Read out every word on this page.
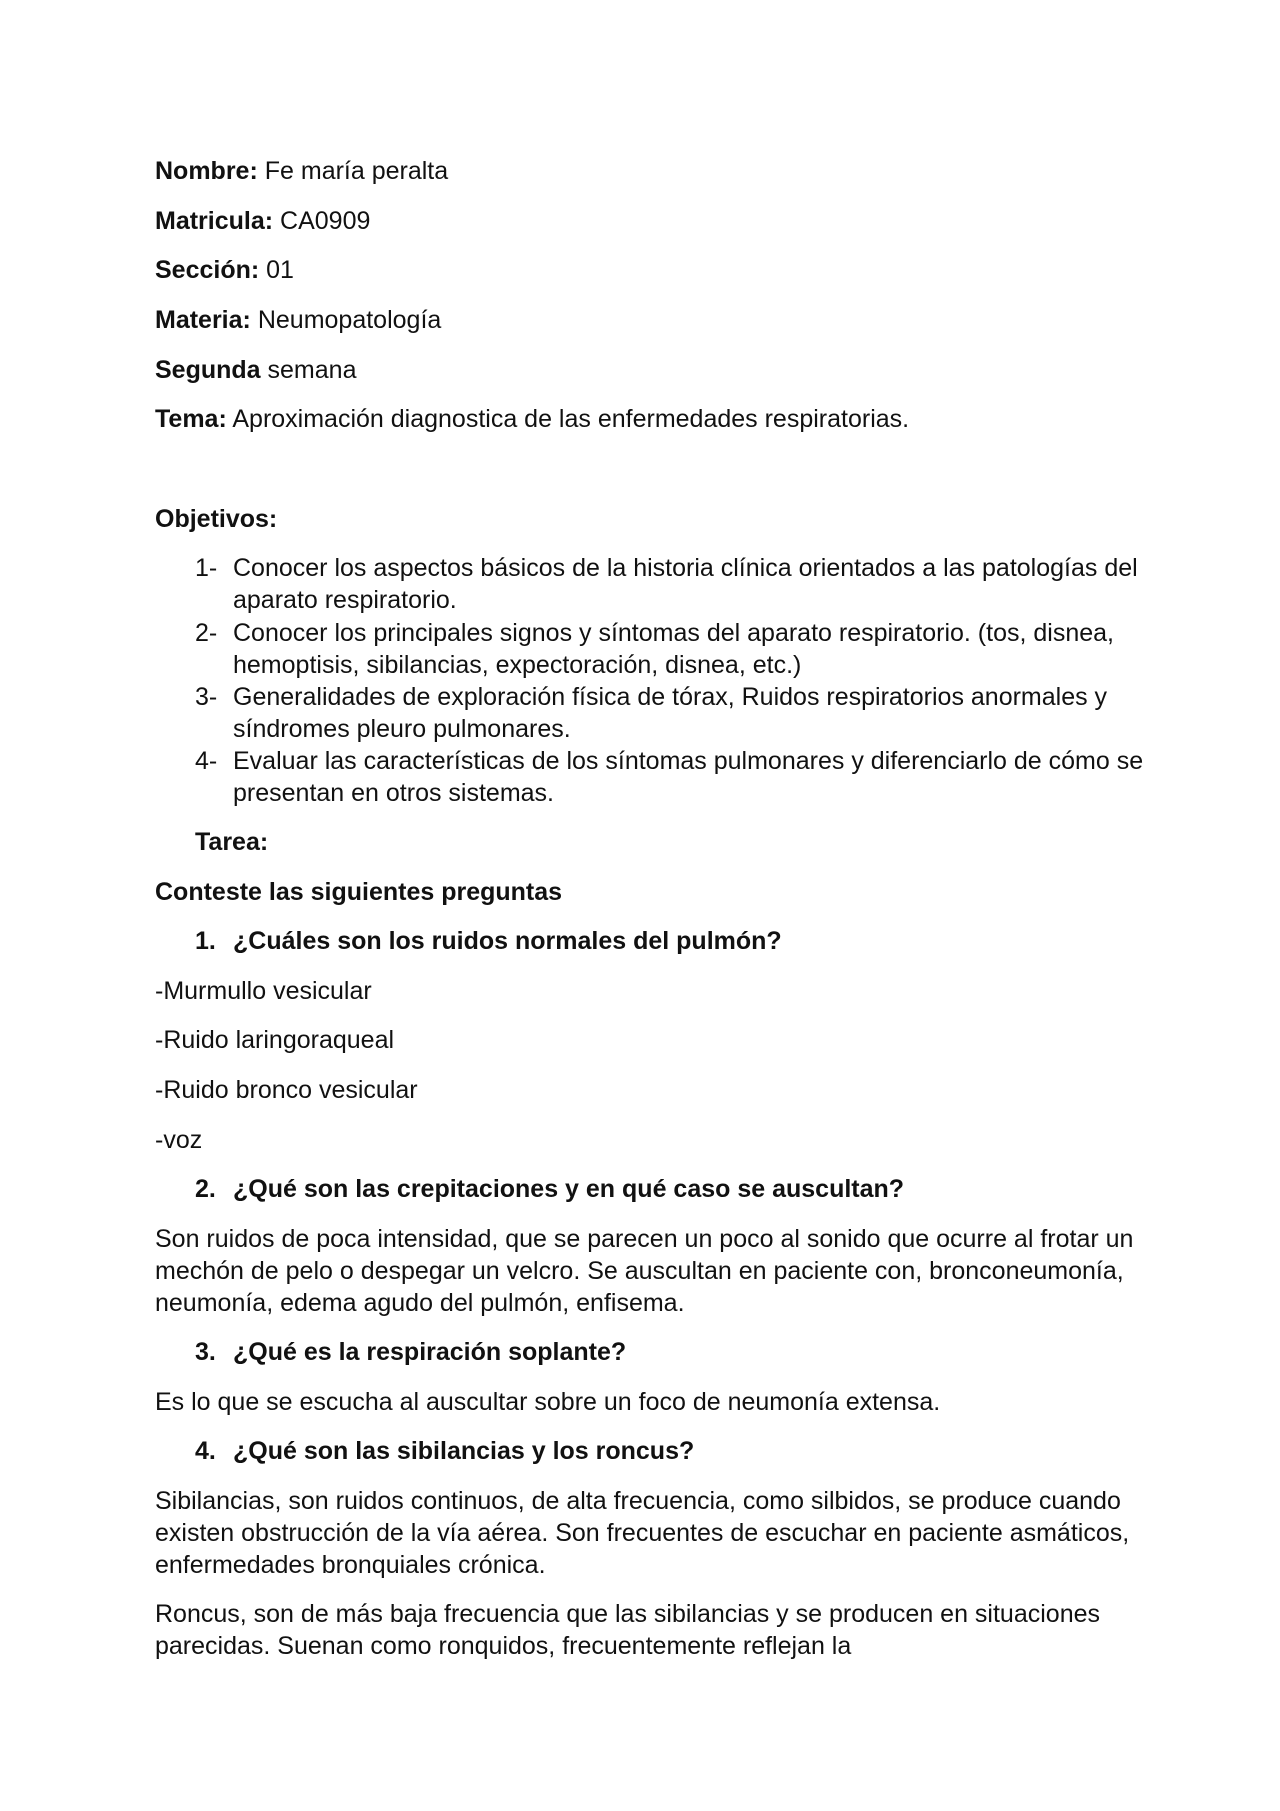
Nombre: Fe maría peralta
Matricula: CA0909
Sección: 01
Materia: Neumopatología
Segunda semana
Tema: Aproximación diagnostica de las enfermedades respiratorias.
Objetivos:
1- Conocer los aspectos básicos de la historia clínica orientados a las patologías del aparato respiratorio.
2- Conocer los principales signos y síntomas del aparato respiratorio. (tos, disnea, hemoptisis, sibilancias, expectoración, disnea, etc.)
3- Generalidades de exploración física de tórax, Ruidos respiratorios anormales y síndromes pleuro pulmonares.
4- Evaluar las características de los síntomas pulmonares y diferenciarlo de cómo se presentan en otros sistemas.
Tarea:
Conteste las siguientes preguntas
1. ¿Cuáles son los ruidos normales del pulmón?
-Murmullo vesicular
-Ruido laringoraqueal
-Ruido bronco vesicular
-voz
2. ¿Qué son las crepitaciones y en qué caso se auscultan?
Son ruidos de poca intensidad, que se parecen un poco al sonido que ocurre al frotar un mechón de pelo o despegar un velcro. Se auscultan en paciente con, bronconeumonía, neumonía, edema agudo del pulmón, enfisema.
3. ¿Qué es la respiración soplante?
Es lo que se escucha al auscultar sobre un foco de neumonía extensa.
4. ¿Qué son las sibilancias y los roncus?
Sibilancias, son ruidos continuos, de alta frecuencia, como silbidos, se produce cuando existen obstrucción de la vía aérea. Son frecuentes de escuchar en paciente asmáticos, enfermedades bronquiales crónica.
Roncus, son de más baja frecuencia que las sibilancias y se producen en situaciones parecidas. Suenan como ronquidos, frecuentemente reflejan la
